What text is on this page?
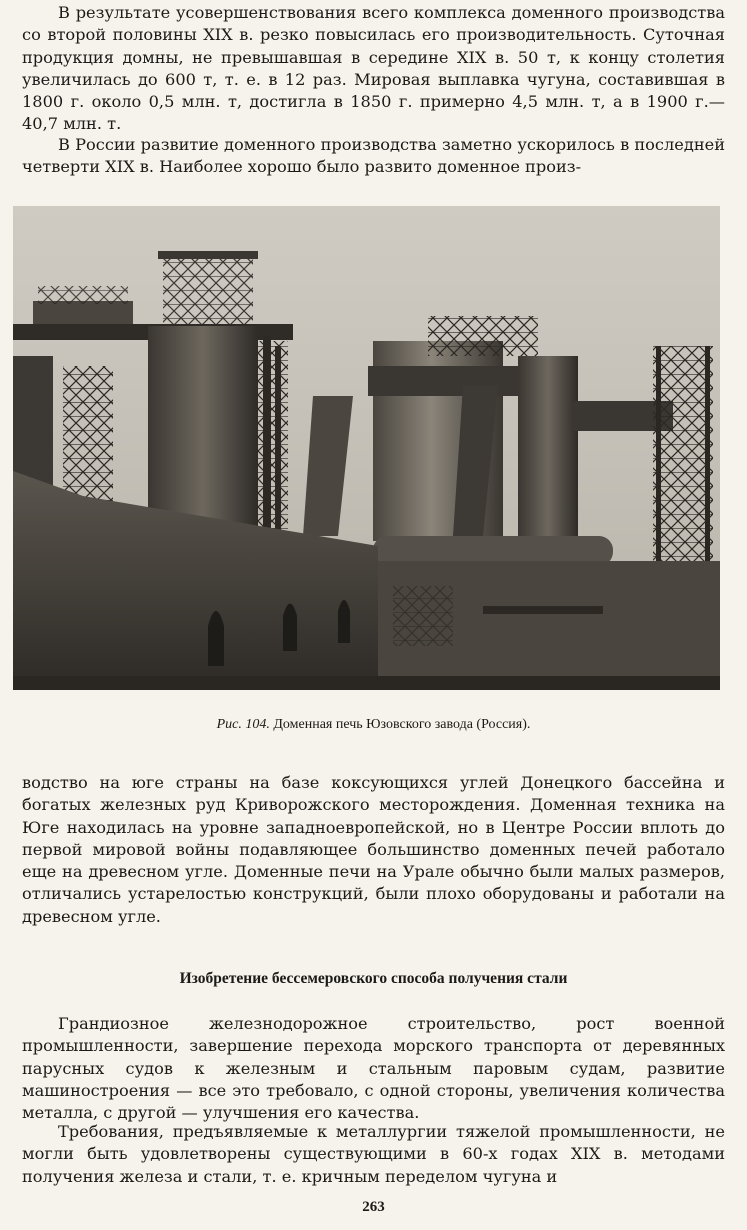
В результате усовершенствования всего комплекса доменного производства со второй половины XIX в. резко повысилась его производительность. Суточная продукция домны, не превышавшая в середине XIX в. 50 т, к концу столетия увеличилась до 600 т, т. е. в 12 раз. Мировая выплавка чугуна, составившая в 1800 г. около 0,5 млн. т, достигла в 1850 г. примерно 4,5 млн. т, а в 1900 г.— 40,7 млн. т.

В России развитие доменного производства заметно ускорилось в последней четверти XIX в. Наиболее хорошо было развито доменное произ-

Рис. 104. Доменная печь Юзовского завода (Россия).

водство на юге страны на базе коксующихся углей Донецкого бассейна и богатых железных руд Криворожского месторождения. Доменная техника на Юге находилась на уровне западноевропейской, но в Центре России вплоть до первой мировой войны подавляющее большинство доменных печей работало еще на древесном угле. Доменные печи на Урале обычно были малых размеров, отличались устарелостью конструкций, были плохо оборудованы и работали на древесном угле.

Изобретение бессемеровского способа получения стали

Грандиозное железнодорожное строительство, рост военной промышленности, завершение перехода морского транспорта от деревянных парусных судов к железным и стальным паровым судам, развитие машиностроения — все это требовало, с одной стороны, увеличения количества металла, с другой — улучшения его качества.

Требования, предъявляемые к металлургии тяжелой промышленности, не могли быть удовлетворены существующими в 60-х годах XIX в. методами получения железа и стали, т. е. кричным переделом чугуна и

263
